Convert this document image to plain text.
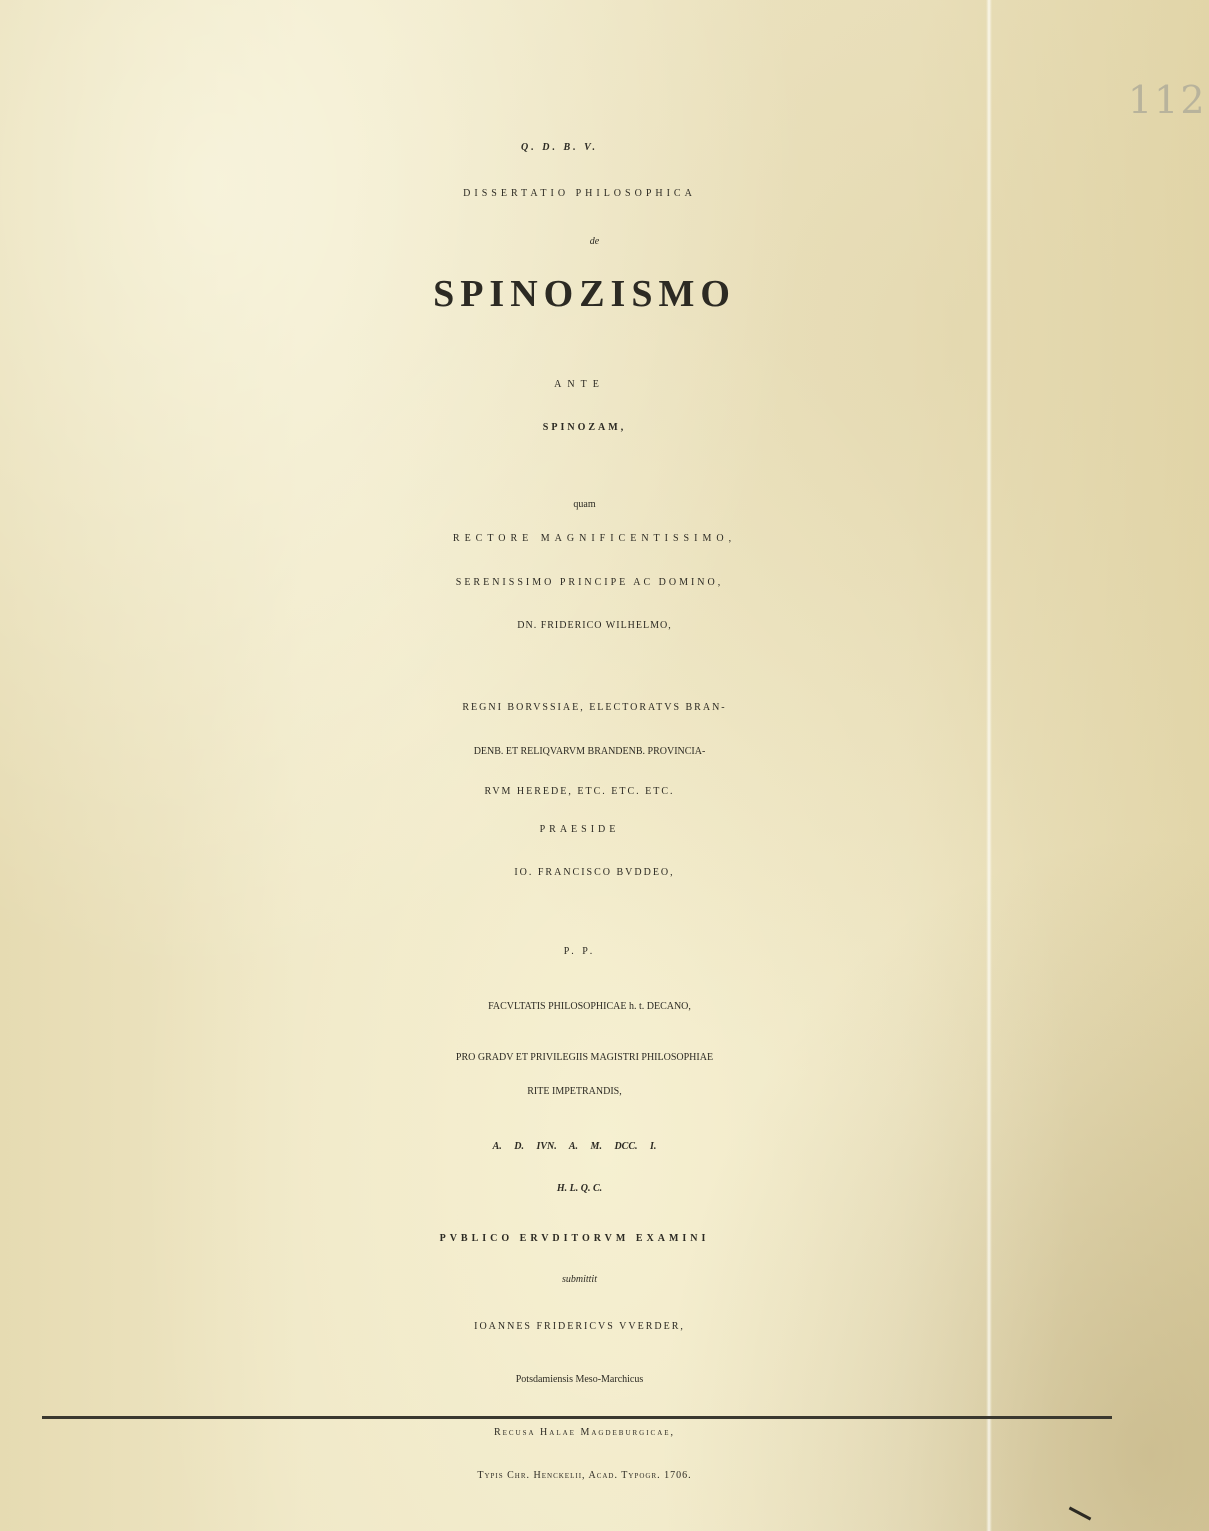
112
Q. D. B. V.
DISSERTATIO PHILOSOPHICA
de
SPINOZISMO
ANTE
SPINOZAM,
quam
RECTORE MAGNIFICENTISSIMO,
SERENISSIMO PRINCIPE AC DOMINO,
DN. FRIDERICO WILHELMO,
REGNI BORVSSIAE, ELECTORATVS BRAN-
DENB. ET RELIQVARVM BRANDENB. PROVINCIA-
RVM HEREDE, ETC. ETC. ETC.
PRAESIDE
IO. FRANCISCO BVDDEO,
P. P.
FACVLTATIS PHILOSOPHICAE h. t. DECANO,
PRO GRADV ET PRIVILEGIIS MAGISTRI PHILOSOPHIAE
RITE IMPETRANDIS,
A. D. IVN. A. M. DCC. I.
H. L. Q. C.
PVBLICO ERVDITORVM EXAMINI
submittit
IOANNES FRIDERICVS VVERDER,
Potsdamiensis Meso-Marchicus
Recusa Halae Magdeburgicae,
Typis Chr. Henckelii, Acad. Typogr. 1706.
